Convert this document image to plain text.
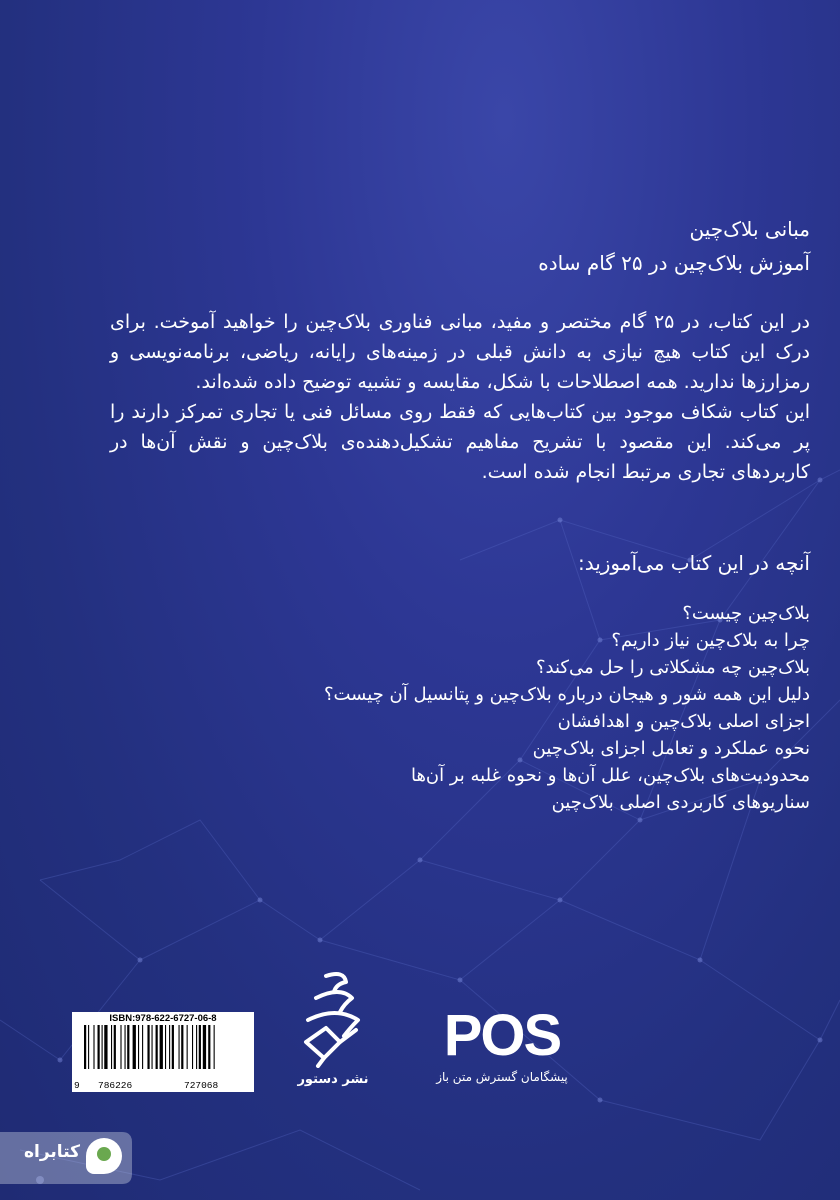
مبانی بلاک‌چین
آموزش بلاک‌چین در ۲۵ گام ساده

در این کتاب، در ۲۵ گام مختصر و مفید، مبانی فناوری بلاک‌چین را خواهید آموخت. برای درک این کتاب هیچ نیازی به دانش قبلی در زمینه‌های رایانه، ریاضی، برنامه‌نویسی و رمزارزها ندارید. همه اصطلاحات با شکل، مقایسه و تشبیه توضیح داده شده‌اند.

این کتاب شکاف موجود بین کتاب‌هایی که فقط روی مسائل فنی یا تجاری تمرکز دارند را پر می‌کند. این مقصود با تشریح مفاهیم تشکیل‌دهنده‌ی بلاک‌چین و نقش آن‌ها در کاربردهای تجاری مرتبط انجام شده است.

آنچه در این کتاب می‌آموزید:
بلاک‌چین چیست؟
چرا به بلاک‌چین نیاز داریم؟
بلاک‌چین چه مشکلاتی را حل می‌کند؟
دلیل این همه شور و هیجان درباره بلاک‌چین و پتانسیل آن چیست؟
اجزای اصلی بلاک‌چین و اهدافشان
نحوه عملکرد و تعامل اجزای بلاک‌چین
محدودیت‌های بلاک‌چین، علل آن‌ها و نحوه غلبه بر آن‌ها
سناریوهای کاربردی اصلی بلاک‌چین
ISBN:978-622-6727-06-8
9 786226	727068	نشر دستور
POS
پیشگامان گسترش متن باز
کتابراه
